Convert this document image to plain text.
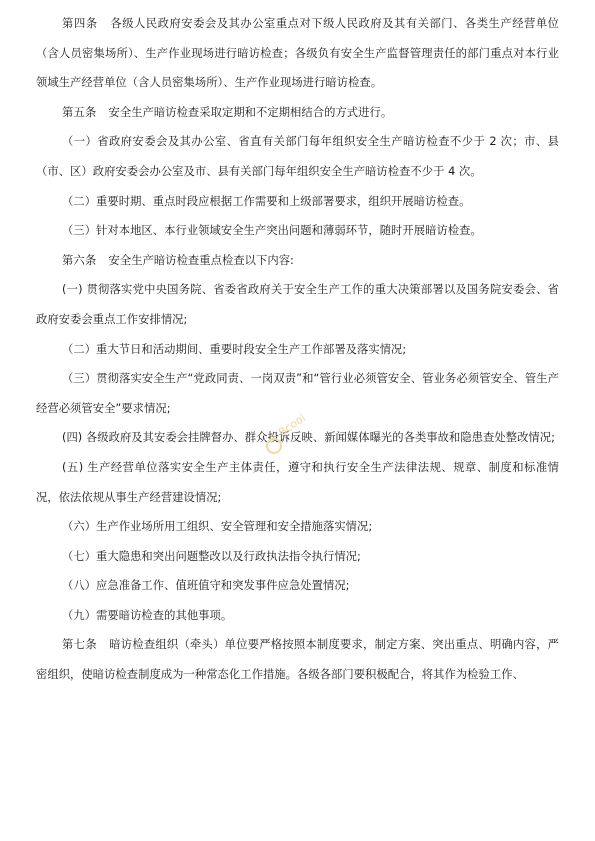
第四条 各级人民政府安委会及其办公室重点对下级人民政府及其有关部门、各类生产经营单位（含人员密集场所）、生产作业现场进行暗访检查；各级负有安全生产监督管理责任的部门重点对本行业领域生产经营单位（含人员密集场所）、生产作业现场进行暗访检查。

第五条 安全生产暗访检查采取定期和不定期相结合的方式进行。

（一）省政府安委会及其办公室、省直有关部门每年组织安全生产暗访检查不少于 2 次；市、县（市、区）政府安委会办公室及市、县有关部门每年组织安全生产暗访检查不少于 4 次。

（二）重要时期、重点时段应根据工作需要和上级部署要求，组织开展暗访检查。

（三）针对本地区、本行业领域安全生产突出问题和薄弱环节，随时开展暗访检查。

第六条 安全生产暗访检查重点检查以下内容:

(一) 贯彻落实党中央国务院、省委省政府关于安全生产工作的重大决策部署以及国务院安委会、省政府安委会重点工作安排情况;

（二）重大节日和活动期间、重要时段安全生产工作部署及落实情况;

（三）贯彻落实安全生产“党政同责、一岗双责”和“管行业必须管安全、管业务必须管安全、管生产经营必须管安全”要求情况;

(四) 各级政府及其安委会挂牌督办、群众投诉反映、新闻媒体曝光的各类事故和隐患查处整改情况;

(五) 生产经营单位落实安全生产主体责任，遵守和执行安全生产法律法规、规章、制度和标准情况，依法依规从事生产经营建设情况;

（六）生产作业场所用工组织、安全管理和安全措施落实情况;

（七）重大隐患和突出问题整改以及行政执法指令执行情况;

（八）应急准备工作、值班值守和突发事件应急处置情况;

（九）需要暗访检查的其他事项。

第七条 暗访检查组织（牵头）单位要严格按照本制度要求，制定方案、突出重点、明确内容，严密组织，使暗访检查制度成为一种常态化工作措施。各级各部门要积极配合，将其作为检验工作、

Bcool
